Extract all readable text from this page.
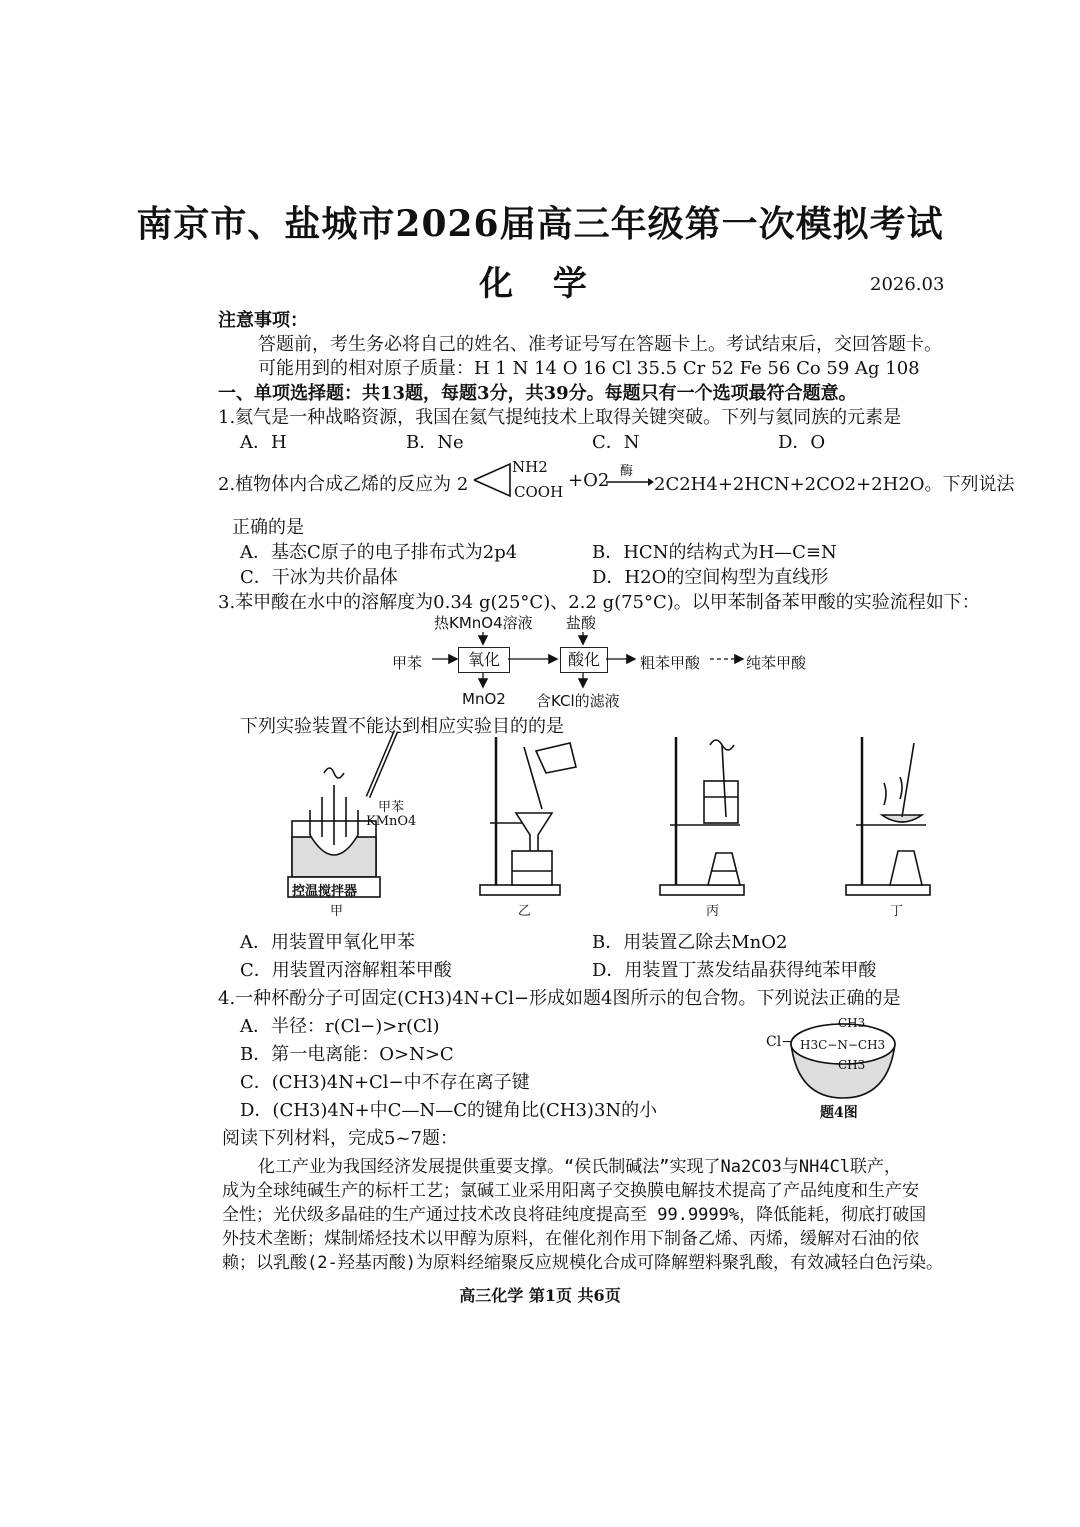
南京市、盐城市2026届高三年级第一次模拟考试
化 学	2026.03
注意事项：
答题前，考生务必将自己的姓名、准考证号写在答题卡上。考试结束后，交回答题卡。
可能用到的相对原子质量：H 1 N 14 O 16 Cl 35.5 Cr 52 Fe 56 Co 59 Ag 108
一、单项选择题：共13题，每题3分，共39分。每题只有一个选项最符合题意。
1.氦气是一种战略资源，我国在氦气提纯技术上取得关键突破。下列与氦同族的元素是
A．H	B．Ne	C．N	D．O
2.植物体内合成乙烯的反应为 2
NH2
COOH
+O2 酶
→ 2C2H4+2HCN+2CO2+2H2O。下列说法
正确的是
A．基态C原子的电子排布式为2p4	B．HCN的结构式为H—C≡N
C．干冰为共价晶体	D．H2O的空间构型为直线形
3.苯甲酸在水中的溶解度为0.34 g(25°C)、2.2 g(75°C)。以甲苯制备苯甲酸的实验流程如下：
热KMnO4溶液 盐酸
甲苯	氧化	酸化	粗苯甲酸	纯苯甲酸
MnO2 含KCl的滤液
下列实验装置不能达到相应实验目的的是
甲苯
KMnO4
控温搅拌器
甲	乙	丙	丁
A．用装置甲氧化甲苯	B．用装置乙除去MnO2
C．用装置丙溶解粗苯甲酸	D．用装置丁蒸发结晶获得纯苯甲酸
4.一种杯酚分子可固定(CH3)4N+Cl−形成如题4图所示的包合物。下列说法正确的是
A．半径：r(Cl−)>r(Cl)
B．第一电离能：O>N>C
C．(CH3)4N+Cl−中不存在离子键
D．(CH3)4N+中C—N—C的键角比(CH3)3N的小
Cl−
CH3
H3C−N−CH3
CH3
题4图
阅读下列材料，完成5~7题：
化工产业为我国经济发展提供重要支撑。“侯氏制碱法”实现了Na2CO3与NH4Cl联产，
成为全球纯碱生产的标杆工艺；氯碱工业采用阳离子交换膜电解技术提高了产品纯度和生产安
全性；光伏级多晶硅的生产通过技术改良将硅纯度提高至 99.9999%，降低能耗，彻底打破国
外技术垄断；煤制烯烃技术以甲醇为原料，在催化剂作用下制备乙烯、丙烯，缓解对石油的依
赖；以乳酸(2-羟基丙酸)为原料经缩聚反应规模化合成可降解塑料聚乳酸，有效减轻白色污染。
高三化学 第1页 共6页
